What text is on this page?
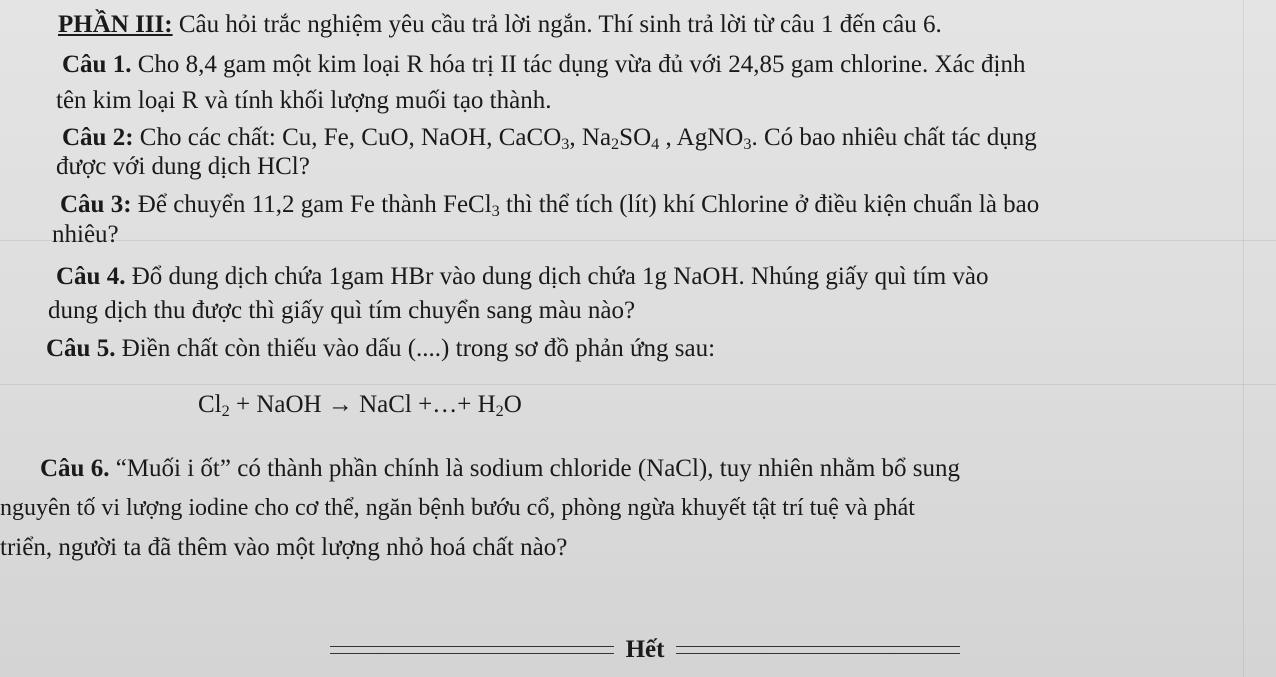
PHẦN III: Câu hỏi trắc nghiệm yêu cầu trả lời ngắn. Thí sinh trả lời từ câu 1 đến câu 6.
Câu 1. Cho 8,4 gam một kim loại R hóa trị II tác dụng vừa đủ với 24,85 gam chlorine. Xác định
tên kim loại R và tính khối lượng muối tạo thành.
Câu 2: Cho các chất: Cu, Fe, CuO, NaOH, CaCO$_3$, $Na_2SO_4$ , AgNO$_3$. Có bao nhiêu chất tác dụng
được với dung dịch HCl?
Câu 3: Để chuyển 11,2 gam Fe thành FeCl$_3$ thì thể tích (lít) khí Chlorine ở điều kiện chuẩn là bao
nhiêu?
Câu 4. Đổ dung dịch chứa 1gam HBr vào dung dịch chứa 1g NaOH. Nhúng giấy quì tím vào
dung dịch thu được thì giấy quì tím chuyển sang màu nào?
Câu 5. Điền chất còn thiếu vào dấu (....) trong sơ đồ phản ứng sau:
$Cl_2$ + NaOH → NaCl +…+ $H_2O$
Câu 6. “Muối i ốt” có thành phần chính là sodium chloride (NaCl), tuy nhiên nhằm bổ sung
nguyên tố vi lượng iodine cho cơ thể, ngăn bệnh bướu cổ, phòng ngừa khuyết tật trí tuệ và phát
triển, người ta đã thêm vào một lượng nhỏ hoá chất nào?
Hết
